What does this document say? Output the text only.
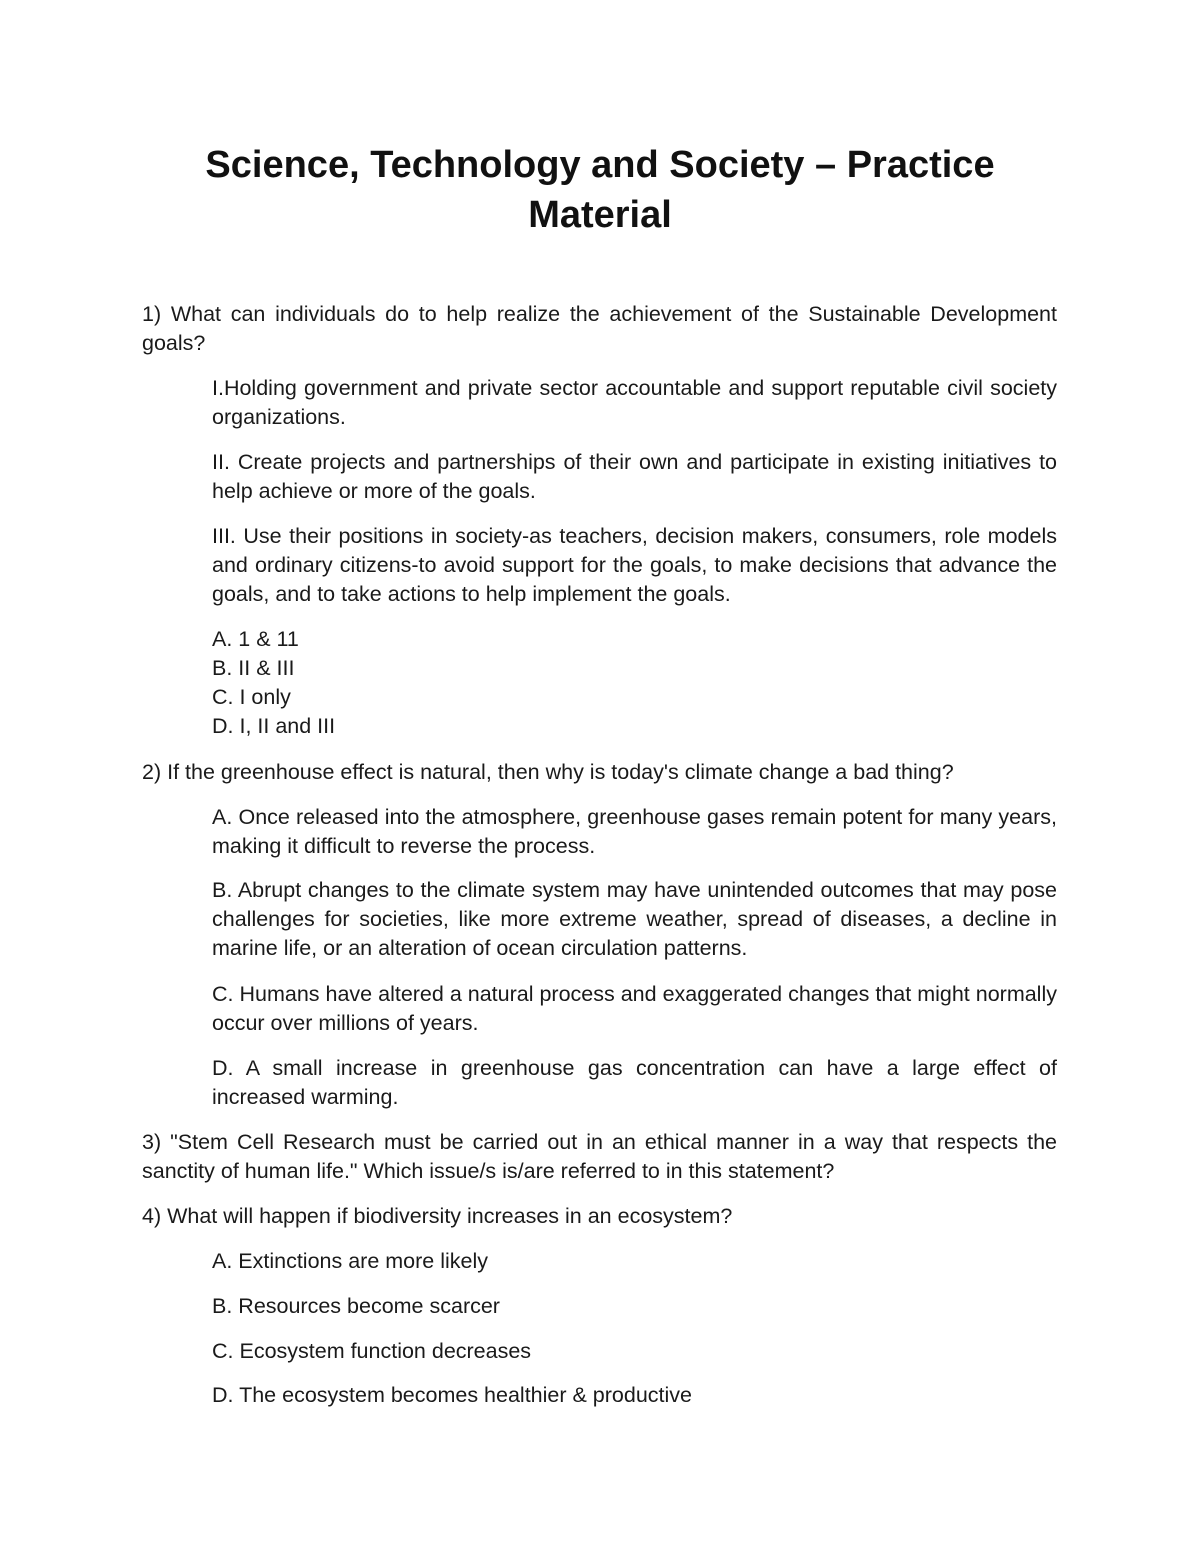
Science, Technology and Society – Practice
Material

1) What can individuals do to help realize the achievement of the Sustainable Development goals?

I.Holding government and private sector accountable and support reputable civil society organizations.

II. Create projects and partnerships of their own and participate in existing initiatives to help achieve or more of the goals.

III. Use their positions in society-as teachers, decision makers, consumers, role models and ordinary citizens-to avoid support for the goals, to make decisions that advance the goals, and to take actions to help implement the goals.

A. 1 & 11
B. II & III
C. I only
D. I, II and III

2) If the greenhouse effect is natural, then why is today's climate change a bad thing?

A. Once released into the atmosphere, greenhouse gases remain potent for many years, making it difficult to reverse the process.

B. Abrupt changes to the climate system may have unintended outcomes that may pose challenges for societies, like more extreme weather, spread of diseases, a decline in marine life, or an alteration of ocean circulation patterns.

C. Humans have altered a natural process and exaggerated changes that might normally occur over millions of years.

D. A small increase in greenhouse gas concentration can have a large effect of increased warming.

3) "Stem Cell Research must be carried out in an ethical manner in a way that respects the sanctity of human life." Which issue/s is/are referred to in this statement?

4) What will happen if biodiversity increases in an ecosystem?

A. Extinctions are more likely

B. Resources become scarcer

C. Ecosystem function decreases

D. The ecosystem becomes healthier & productive
